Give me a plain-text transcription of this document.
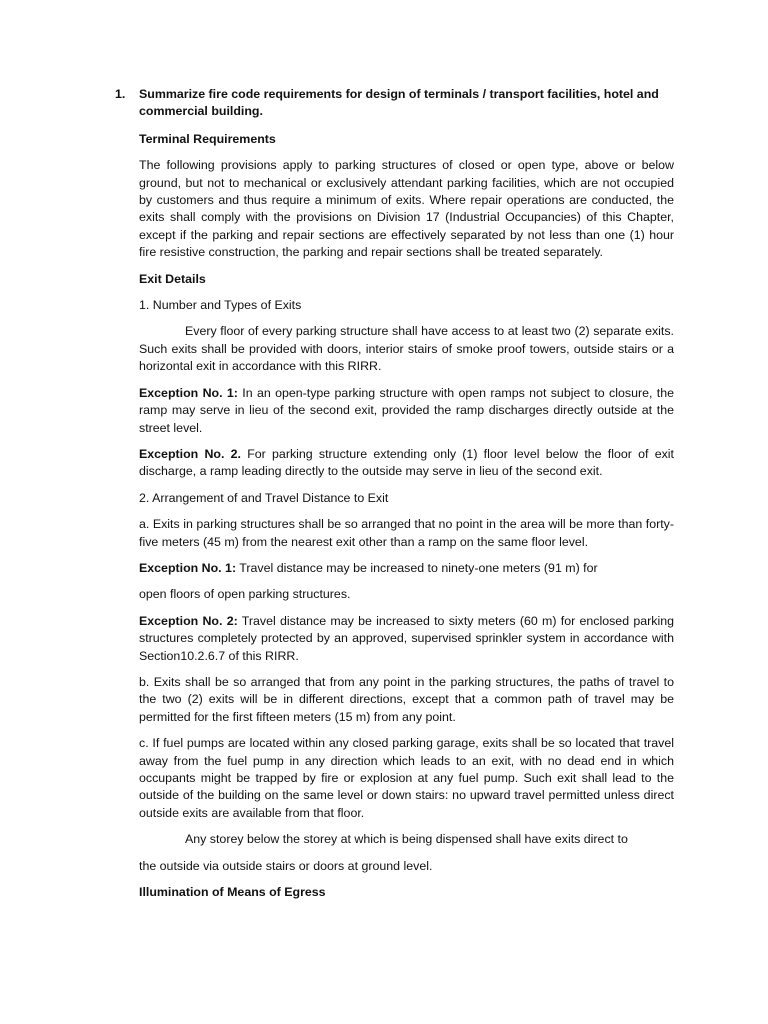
1. Summarize fire code requirements for design of terminals / transport facilities, hotel and commercial building.

Terminal Requirements

The following provisions apply to parking structures of closed or open type, above or below ground, but not to mechanical or exclusively attendant parking facilities, which are not occupied by customers and thus require a minimum of exits. Where repair operations are conducted, the exits shall comply with the provisions on Division 17 (Industrial Occupancies) of this Chapter, except if the parking and repair sections are effectively separated by not less than one (1) hour fire resistive construction, the parking and repair sections shall be treated separately.

Exit Details

1. Number and Types of Exits

Every floor of every parking structure shall have access to at least two (2) separate exits. Such exits shall be provided with doors, interior stairs of smoke proof towers, outside stairs or a horizontal exit in accordance with this RIRR.

Exception No. 1: In an open-type parking structure with open ramps not subject to closure, the ramp may serve in lieu of the second exit, provided the ramp discharges directly outside at the street level.

Exception No. 2. For parking structure extending only (1) floor level below the floor of exit discharge, a ramp leading directly to the outside may serve in lieu of the second exit.

2. Arrangement of and Travel Distance to Exit

a. Exits in parking structures shall be so arranged that no point in the area will be more than forty-five meters (45 m) from the nearest exit other than a ramp on the same floor level.

Exception No. 1: Travel distance may be increased to ninety-one meters (91 m) for

open floors of open parking structures.

Exception No. 2: Travel distance may be increased to sixty meters (60 m) for enclosed parking structures completely protected by an approved, supervised sprinkler system in accordance with Section10.2.6.7 of this RIRR.

b. Exits shall be so arranged that from any point in the parking structures, the paths of travel to the two (2) exits will be in different directions, except that a common path of travel may be permitted for the first fifteen meters (15 m) from any point.

c. If fuel pumps are located within any closed parking garage, exits shall be so located that travel away from the fuel pump in any direction which leads to an exit, with no dead end in which occupants might be trapped by fire or explosion at any fuel pump. Such exit shall lead to the outside of the building on the same level or down stairs: no upward travel permitted unless direct outside exits are available from that floor.

Any storey below the storey at which is being dispensed shall have exits direct to

the outside via outside stairs or doors at ground level.

Illumination of Means of Egress
